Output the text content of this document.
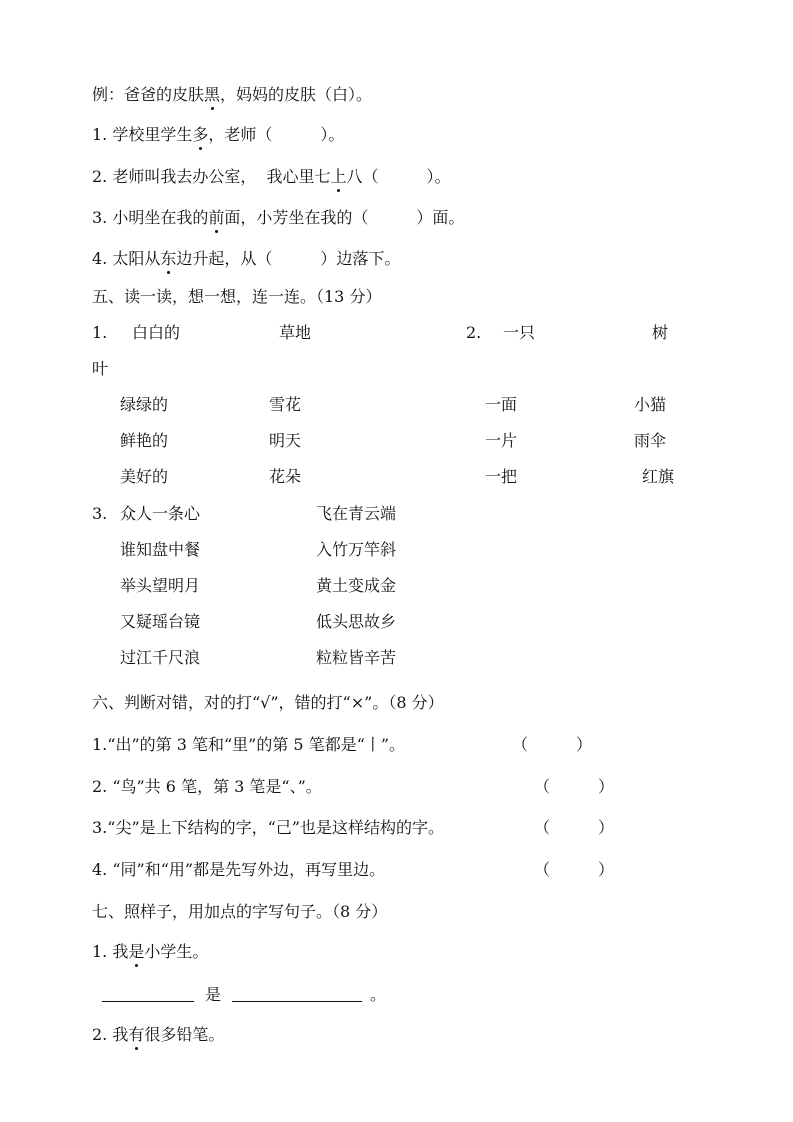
例：爸爸的皮肤黑，妈妈的皮肤（白）。
1. 学校里学生多，老师（　　　）。
2. 老师叫我去办公室，  我心里七上八（　　　）。
3. 小明坐在我的前面，小芳坐在我的（　　　）面。
4. 太阳从东边升起，从（　　　）边落下。
五、读一读，想一想，连一连。（13 分）
1. 白白的	草地	2. 一只	树
叶
绿绿的	雪花	一面	小猫
鲜艳的	明天	一片	雨伞
美好的	花朵	一把	红旗
3. 众人一条心	飞在青云端
谁知盘中餐	入竹万竿斜
举头望明月	黄土变成金
又疑瑶台镜	低头思故乡
过江千尺浪	粒粒皆辛苦
六、判断对错，对的打“√”，错的打“×”。（8 分）
1.“出”的第 3 笔和“里”的第 5 笔都是“丨”。	（　　　）
2. “鸟”共 6 笔，第 3 笔是“、”。	（　　　）
3.“尖”是上下结构的字，“己”也是这样结构的字。	（　　　）
4. “同”和“用”都是先写外边，再写里边。	（　　　）
七、照样子，用加点的字写句子。（8 分）
1. 我是小学生。
是	。
2. 我有很多铅笔。
